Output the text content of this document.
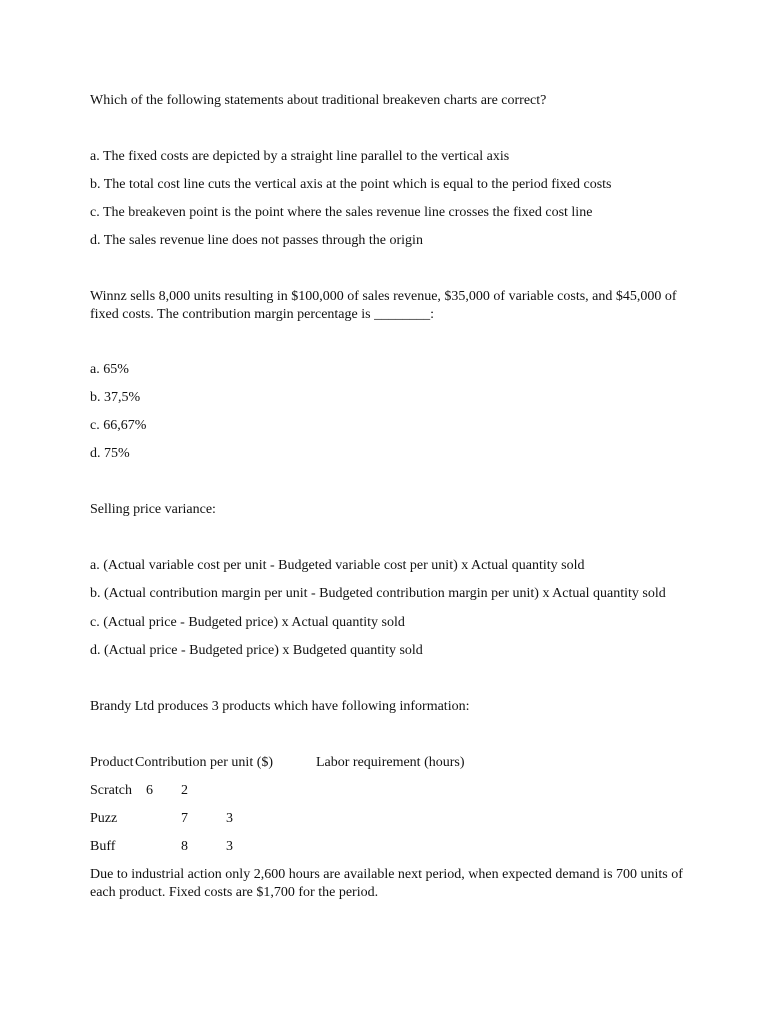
Which of the following statements about traditional breakeven charts are correct?
a. The fixed costs are depicted by a straight line parallel to the vertical axis
b. The total cost line cuts the vertical axis at the point which is equal to the period fixed costs
c. The breakeven point is the point where the sales revenue line crosses the fixed cost line
d. The sales revenue line does not passes through the origin
Winnz sells 8,000 units resulting in $100,000 of sales revenue, $35,000 of variable costs, and $45,000 of fixed costs. The contribution margin percentage is ________:
a. 65%
b. 37,5%
c. 66,67%
d. 75%
Selling price variance:
a. (Actual variable cost per unit - Budgeted variable cost per unit) x Actual quantity sold
b. (Actual contribution margin per unit - Budgeted contribution margin per unit) x Actual quantity sold
c. (Actual price - Budgeted price) x Actual quantity sold
d. (Actual price - Budgeted price) x Budgeted quantity sold
Brandy Ltd produces 3 products which have following information:
Product Contribution per unit ($)	Labor requirement (hours)
Scratch 6 2
Puzz	7	3
Buff	8	3
Due to industrial action only 2,600 hours are available next period, when expected demand is 700 units of each product. Fixed costs are $1,700 for the period.
